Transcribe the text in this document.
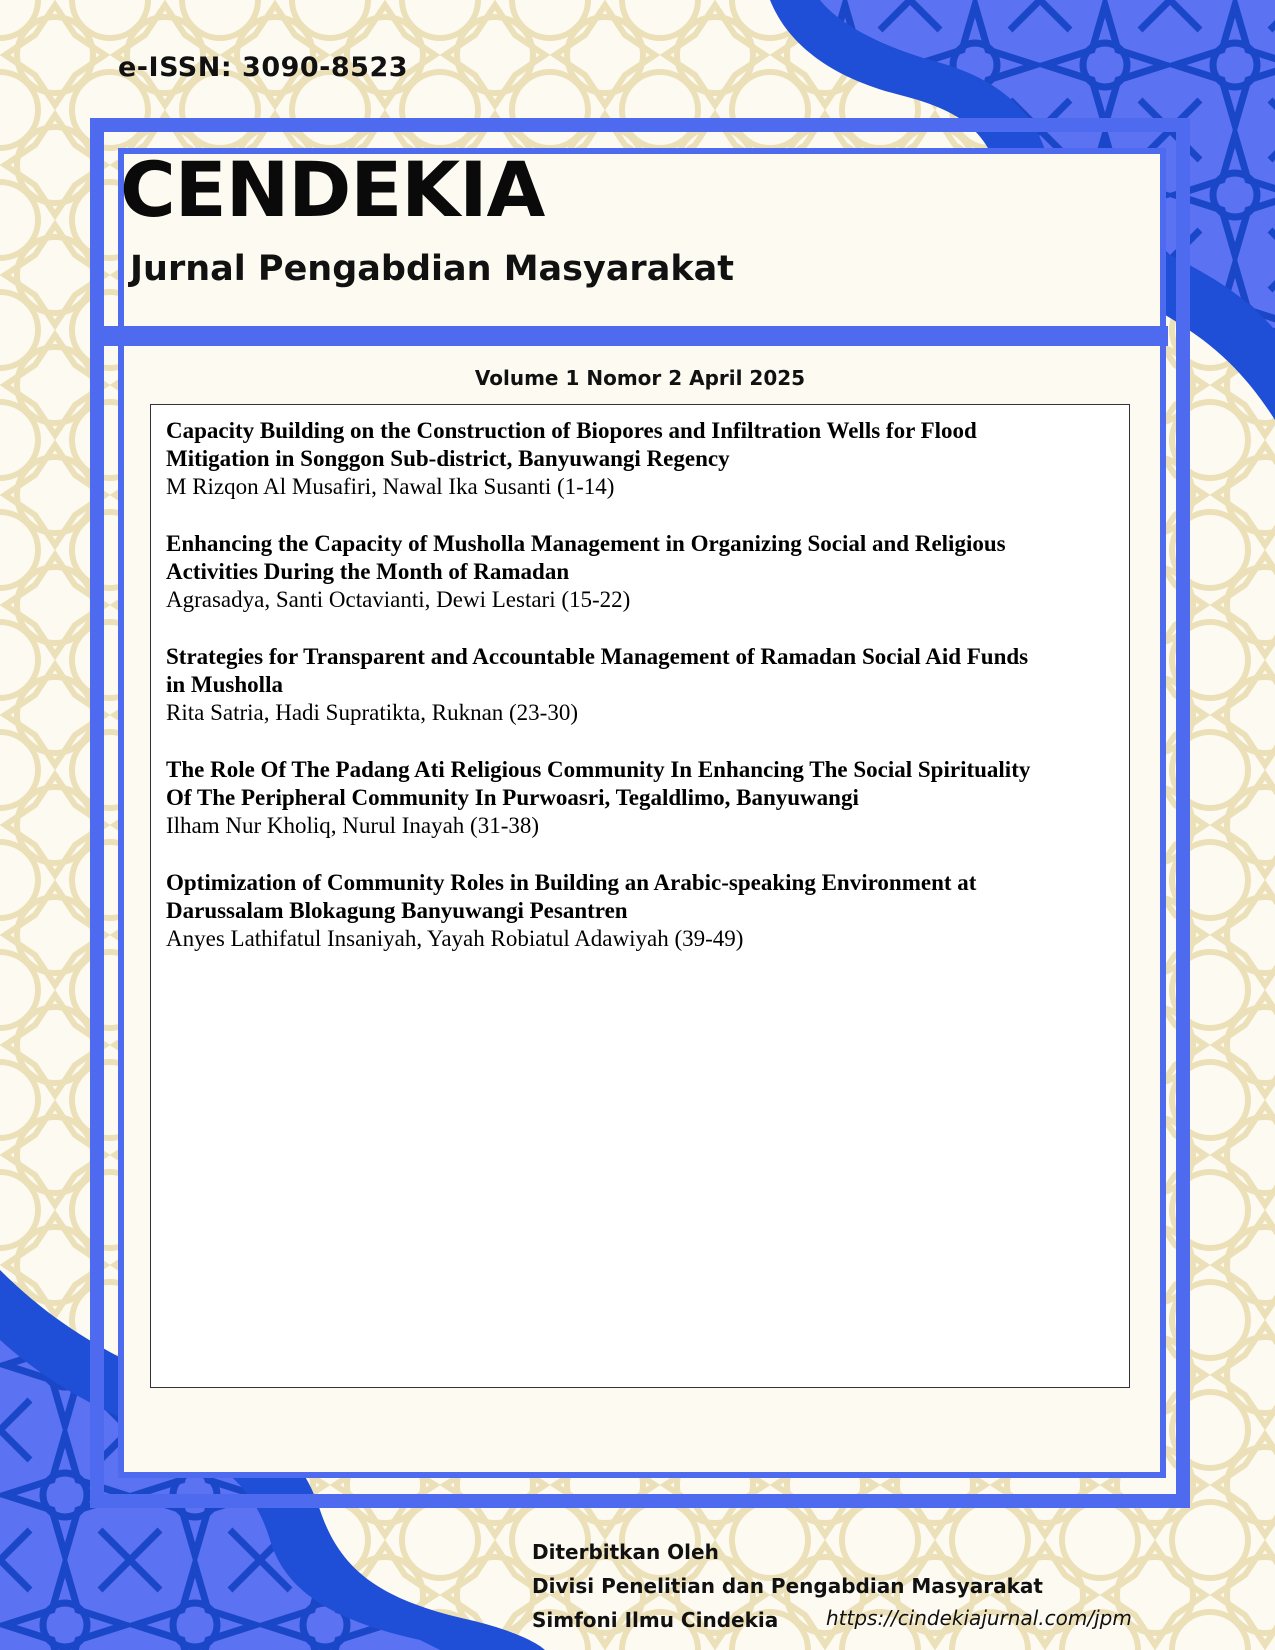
e-ISSN: 3090-8523
CENDEKIA
Jurnal Pengabdian Masyarakat
Volume 1 Nomor 2 April 2025
Capacity Building on the Construction of Biopores and Infiltration Wells for Flood
Mitigation in Songgon Sub-district, Banyuwangi Regency
M Rizqon Al Musafiri, Nawal Ika Susanti (1-14)
Enhancing the Capacity of Musholla Management in Organizing Social and Religious
Activities During the Month of Ramadan
Agrasadya, Santi Octavianti, Dewi Lestari (15-22)
Strategies for Transparent and Accountable Management of Ramadan Social Aid Funds
in Musholla
Rita Satria, Hadi Supratikta, Ruknan (23-30)
The Role Of The Padang Ati Religious Community In Enhancing The Social Spirituality
Of The Peripheral Community In Purwoasri, Tegaldlimo, Banyuwangi
Ilham Nur Kholiq, Nurul Inayah (31-38)
Optimization of Community Roles in Building an Arabic-speaking Environment at
Darussalam Blokagung Banyuwangi Pesantren
Anyes Lathifatul Insaniyah, Yayah Robiatul Adawiyah (39-49)
Diterbitkan Oleh
Divisi Penelitian dan Pengabdian Masyarakat
Simfoni Ilmu Cindekia	https://cindekiajurnal.com/jpm
